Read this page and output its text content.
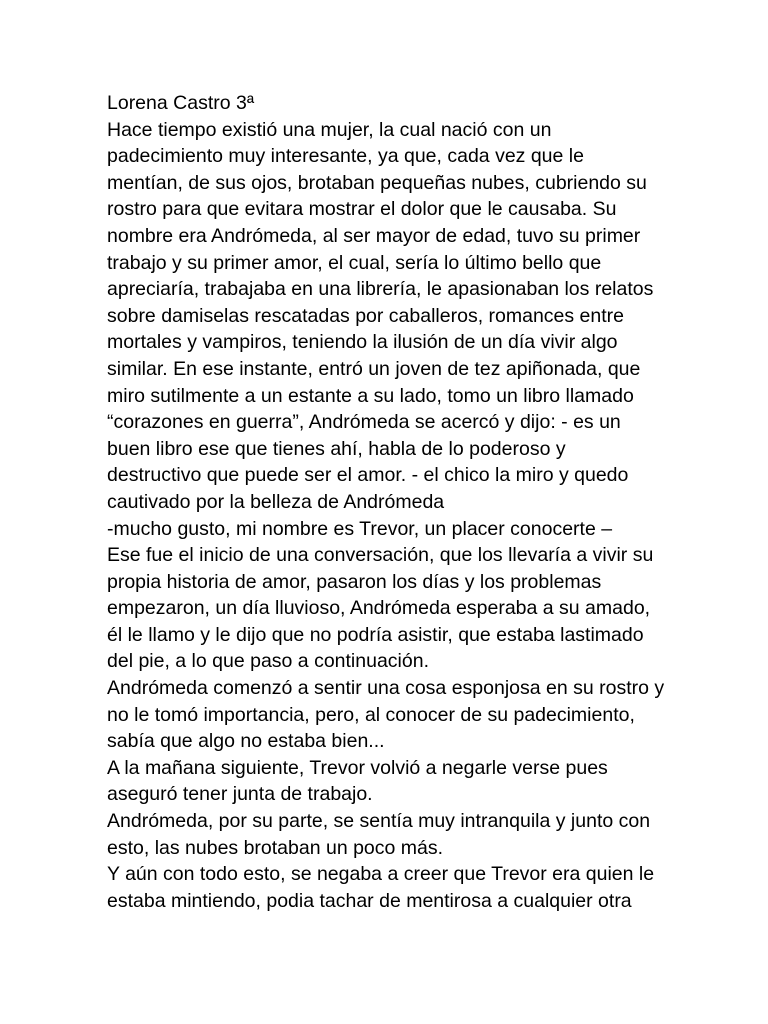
Lorena Castro 3ª
Hace tiempo existió una mujer, la cual nació con un
padecimiento muy interesante, ya que, cada vez que le
mentían, de sus ojos, brotaban pequeñas nubes, cubriendo su
rostro para que evitara mostrar el dolor que le causaba. Su
nombre era Andrómeda, al ser mayor de edad, tuvo su primer
trabajo y su primer amor, el cual, sería lo último bello que
apreciaría, trabajaba en una librería, le apasionaban los relatos
sobre damiselas rescatadas por caballeros, romances entre
mortales y vampiros, teniendo la ilusión de un día vivir algo
similar. En ese instante, entró un joven de tez apiñonada, que
miro sutilmente a un estante a su lado, tomo un libro llamado
“corazones en guerra”, Andrómeda se acercó y dijo: - es un
buen libro ese que tienes ahí, habla de lo poderoso y
destructivo que puede ser el amor. - el chico la miro y quedo
cautivado por la belleza de Andrómeda
-mucho gusto, mi nombre es Trevor, un placer conocerte –
Ese fue el inicio de una conversación, que los llevaría a vivir su
propia historia de amor, pasaron los días y los problemas
empezaron, un día lluvioso, Andrómeda esperaba a su amado,
él le llamo y le dijo que no podría asistir, que estaba lastimado
del pie, a lo que paso a continuación.
Andrómeda comenzó a sentir una cosa esponjosa en su rostro y
no le tomó importancia, pero, al conocer de su padecimiento,
sabía que algo no estaba bien...
A la mañana siguiente, Trevor volvió a negarle verse pues
aseguró tener junta de trabajo.
Andrómeda, por su parte, se sentía muy intranquila y junto con
esto, las nubes brotaban un poco más.
Y aún con todo esto, se negaba a creer que Trevor era quien le
estaba mintiendo, podia tachar de mentirosa a cualquier otra
